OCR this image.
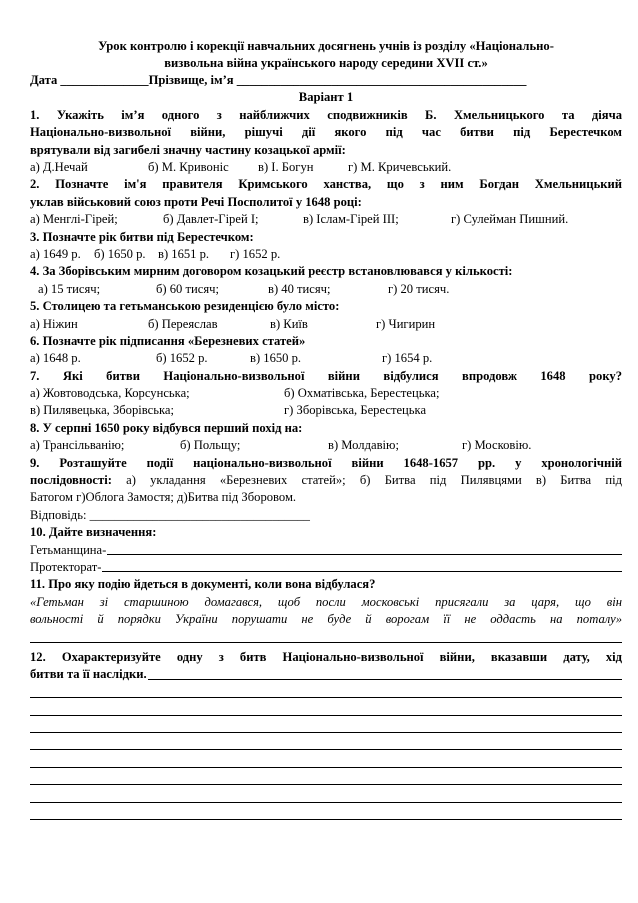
Урок контролю і корекції навчальних досягнень учнів із розділу «Національно-
визвольна війна українського народу середини XVII ст.»
Дата ______________Прізвище, ім’я ______________________________________________
Варіант 1
1. Укажіть ім’я одного з найближчих сподвижників Б. Хмельницького та діяча
Національно-визвольної війни, рішучі дії якого під час битви під Берестечком
врятували від загибелі значну частину козацької армії:
а) Д.Нечай	б) М. Кривоніс	в) І. Богун	г) М. Кричевський.
2. Позначте ім'я правителя Кримського ханства, що з ним Богдан Хмельницький
уклав військовий союз проти Речі Посполитої у 1648 році:
а) Менглі-Гірей;	б) Давлет-Гірей І;	в) Іслам-Гірей ІІІ;	г) Сулейман Пишний.
3. Позначте рік битви під Берестечком:
а) 1649 р.	б) 1650 р. в) 1651 р.	г) 1652 р.
4. За Зборівським мирним договором козацький реєстр встановлювався у кількості:
а) 15 тисяч;	б) 60 тисяч;	в) 40 тисяч;	г) 20 тисяч.
5. Столицею та гетьманською резиденцією було місто:
а) Ніжин	б) Переяслав	в) Київ	г) Чигирин
6. Позначте рік підписання «Березневих статей»
а) 1648 р.	б) 1652 р.	в) 1650 р.	г) 1654 р.
7. Які битви Національно-визвольної війни відбулися впродовж 1648 року?
а) Жовтоводська, Корсунська;	б) Охматівська, Берестецька;
в) Пилявецька, Зборівська;	г) Зборівська, Берестецька
8. У серпні 1650 року відбувся перший похід на:
а) Трансільванію;	б) Польщу;	в) Молдавію;	г) Московію.
9. Розташуйте події національно-визвольної війни 1648-1657 рр. у хронологічній
послідовності: а) укладання «Березневих статей»; б) Битва під Пилявцями в) Битва під
Батогом г)Облога Замостя; д)Битва під Зборовом.
Відповідь: ___________________________________
10. Дайте визначення:
Гетьманщина-
Протекторат-
11. Про яку подію йдеться в документі, коли вона відбулася?
«Гетьман зі старшиною домагався, щоб посли московські присягали за царя, що він
вольності й порядки України порушати не буде й ворогам її не оддасть на поталу»
12. Охарактеризуйте одну з битв Національно-визвольної війни, вказавши дату, хід
битви та її наслідки.
